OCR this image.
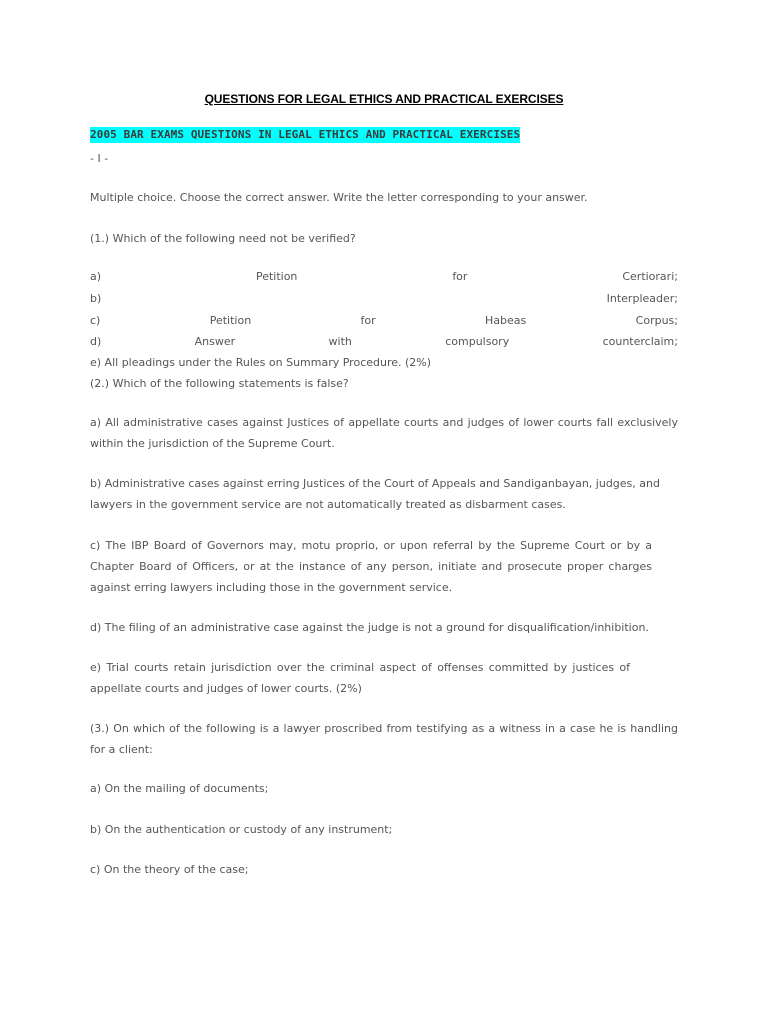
QUESTIONS FOR LEGAL ETHICS AND PRACTICAL EXERCISES
2005 BAR EXAMS QUESTIONS IN LEGAL ETHICS AND PRACTICAL EXERCISES
- I -
Multiple choice. Choose the correct answer. Write the letter corresponding to your answer.
(1.) Which of the following need not be verified?
a)	Petition	for	Certiorari;
b)	Interpleader;
c)	Petition	for	Habeas	Corpus;
d)	Answer	with	compulsory	counterclaim;
e) All pleadings under the Rules on Summary Procedure. (2%)
(2.) Which of the following statements is false?
a) All administrative cases against Justices of appellate courts and judges of lower courts fall exclusively within the jurisdiction of the Supreme Court.
b) Administrative cases against erring Justices of the Court of Appeals and Sandiganbayan, judges, and lawyers in the government service are not automatically treated as disbarment cases.
c) The IBP Board of Governors may, motu proprio, or upon referral by the Supreme Court or by a Chapter Board of Officers, or at the instance of any person, initiate and prosecute proper charges against erring lawyers including those in the government service.
d) The filing of an administrative case against the judge is not a ground for disqualification/inhibition.
e) Trial courts retain jurisdiction over the criminal aspect of offenses committed by justices of appellate courts and judges of lower courts. (2%)
(3.) On which of the following is a lawyer proscribed from testifying as a witness in a case he is handling for a client:
a) On the mailing of documents;
b) On the authentication or custody of any instrument;
c) On the theory of the case;
